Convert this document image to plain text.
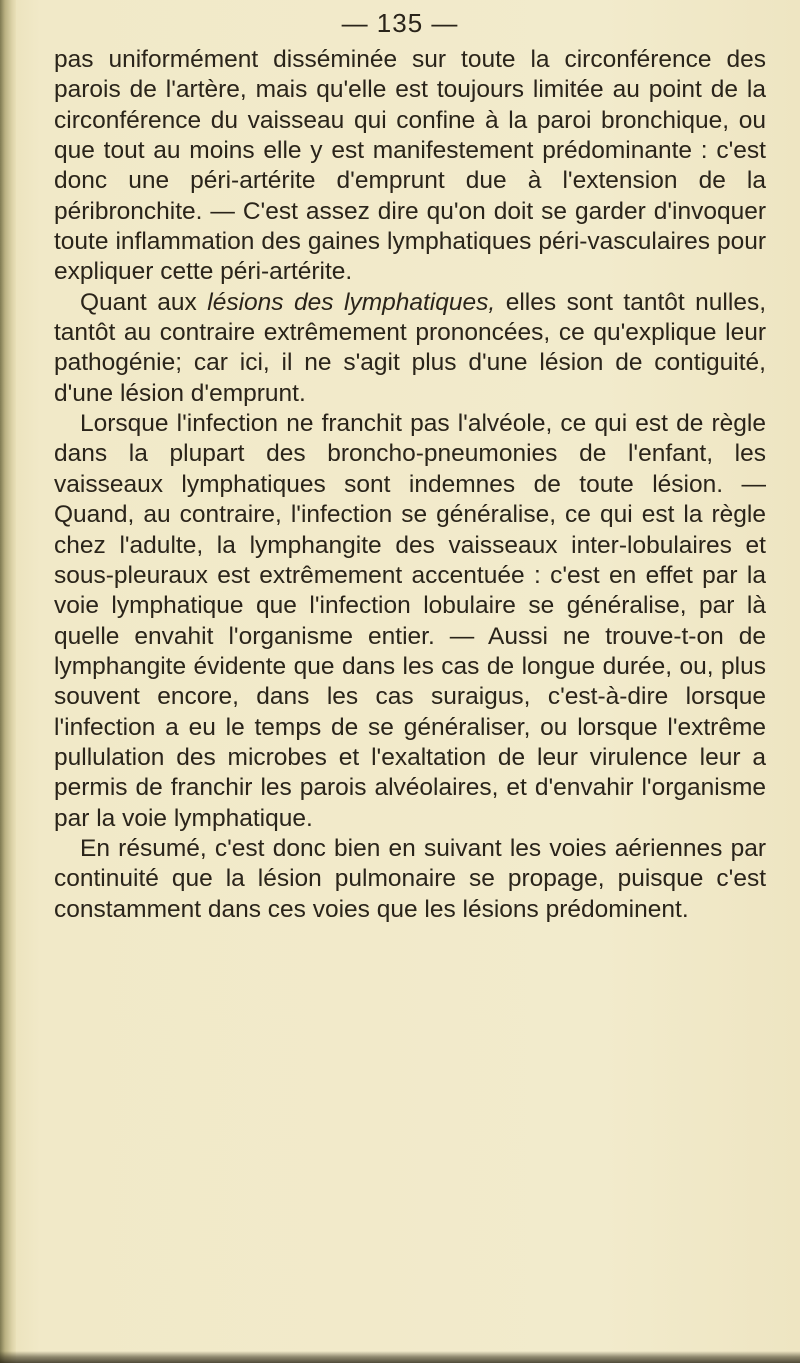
— 135 —

pas uniformément disséminée sur toute la circonférence des parois de l'artère, mais qu'elle est toujours limitée au point de la circonférence du vaisseau qui confine à la paroi bronchique, ou que tout au moins elle y est manifestement prédominante : c'est donc une péri-artérite d'emprunt due à l'extension de la péribronchite. — C'est assez dire qu'on doit se garder d'invoquer toute inflammation des gaines lymphatiques péri-vasculaires pour expliquer cette péri-artérite.

Quant aux lésions des lymphatiques, elles sont tantôt nulles, tantôt au contraire extrêmement prononcées, ce qu'explique leur pathogénie; car ici, il ne s'agit plus d'une lésion de contiguité, d'une lésion d'emprunt.

Lorsque l'infection ne franchit pas l'alvéole, ce qui est de règle dans la plupart des broncho-pneumonies de l'enfant, les vaisseaux lymphatiques sont indemnes de toute lésion. — Quand, au contraire, l'infection se généralise, ce qui est la règle chez l'adulte, la lymphangite des vaisseaux inter-lobulaires et sous-pleuraux est extrêmement accentuée : c'est en effet par la voie lymphatique que l'infection lobulaire se généralise, par là quelle envahit l'organisme entier. — Aussi ne trouve-t-on de lymphangite évidente que dans les cas de longue durée, ou, plus souvent encore, dans les cas suraigus, c'est-à-dire lorsque l'infection a eu le temps de se généraliser, ou lorsque l'extrême pullulation des microbes et l'exaltation de leur virulence leur a permis de franchir les parois alvéolaires, et d'envahir l'organisme par la voie lymphatique.

En résumé, c'est donc bien en suivant les voies aériennes par continuité que la lésion pulmonaire se propage, puisque c'est constamment dans ces voies que les lésions prédominent.
